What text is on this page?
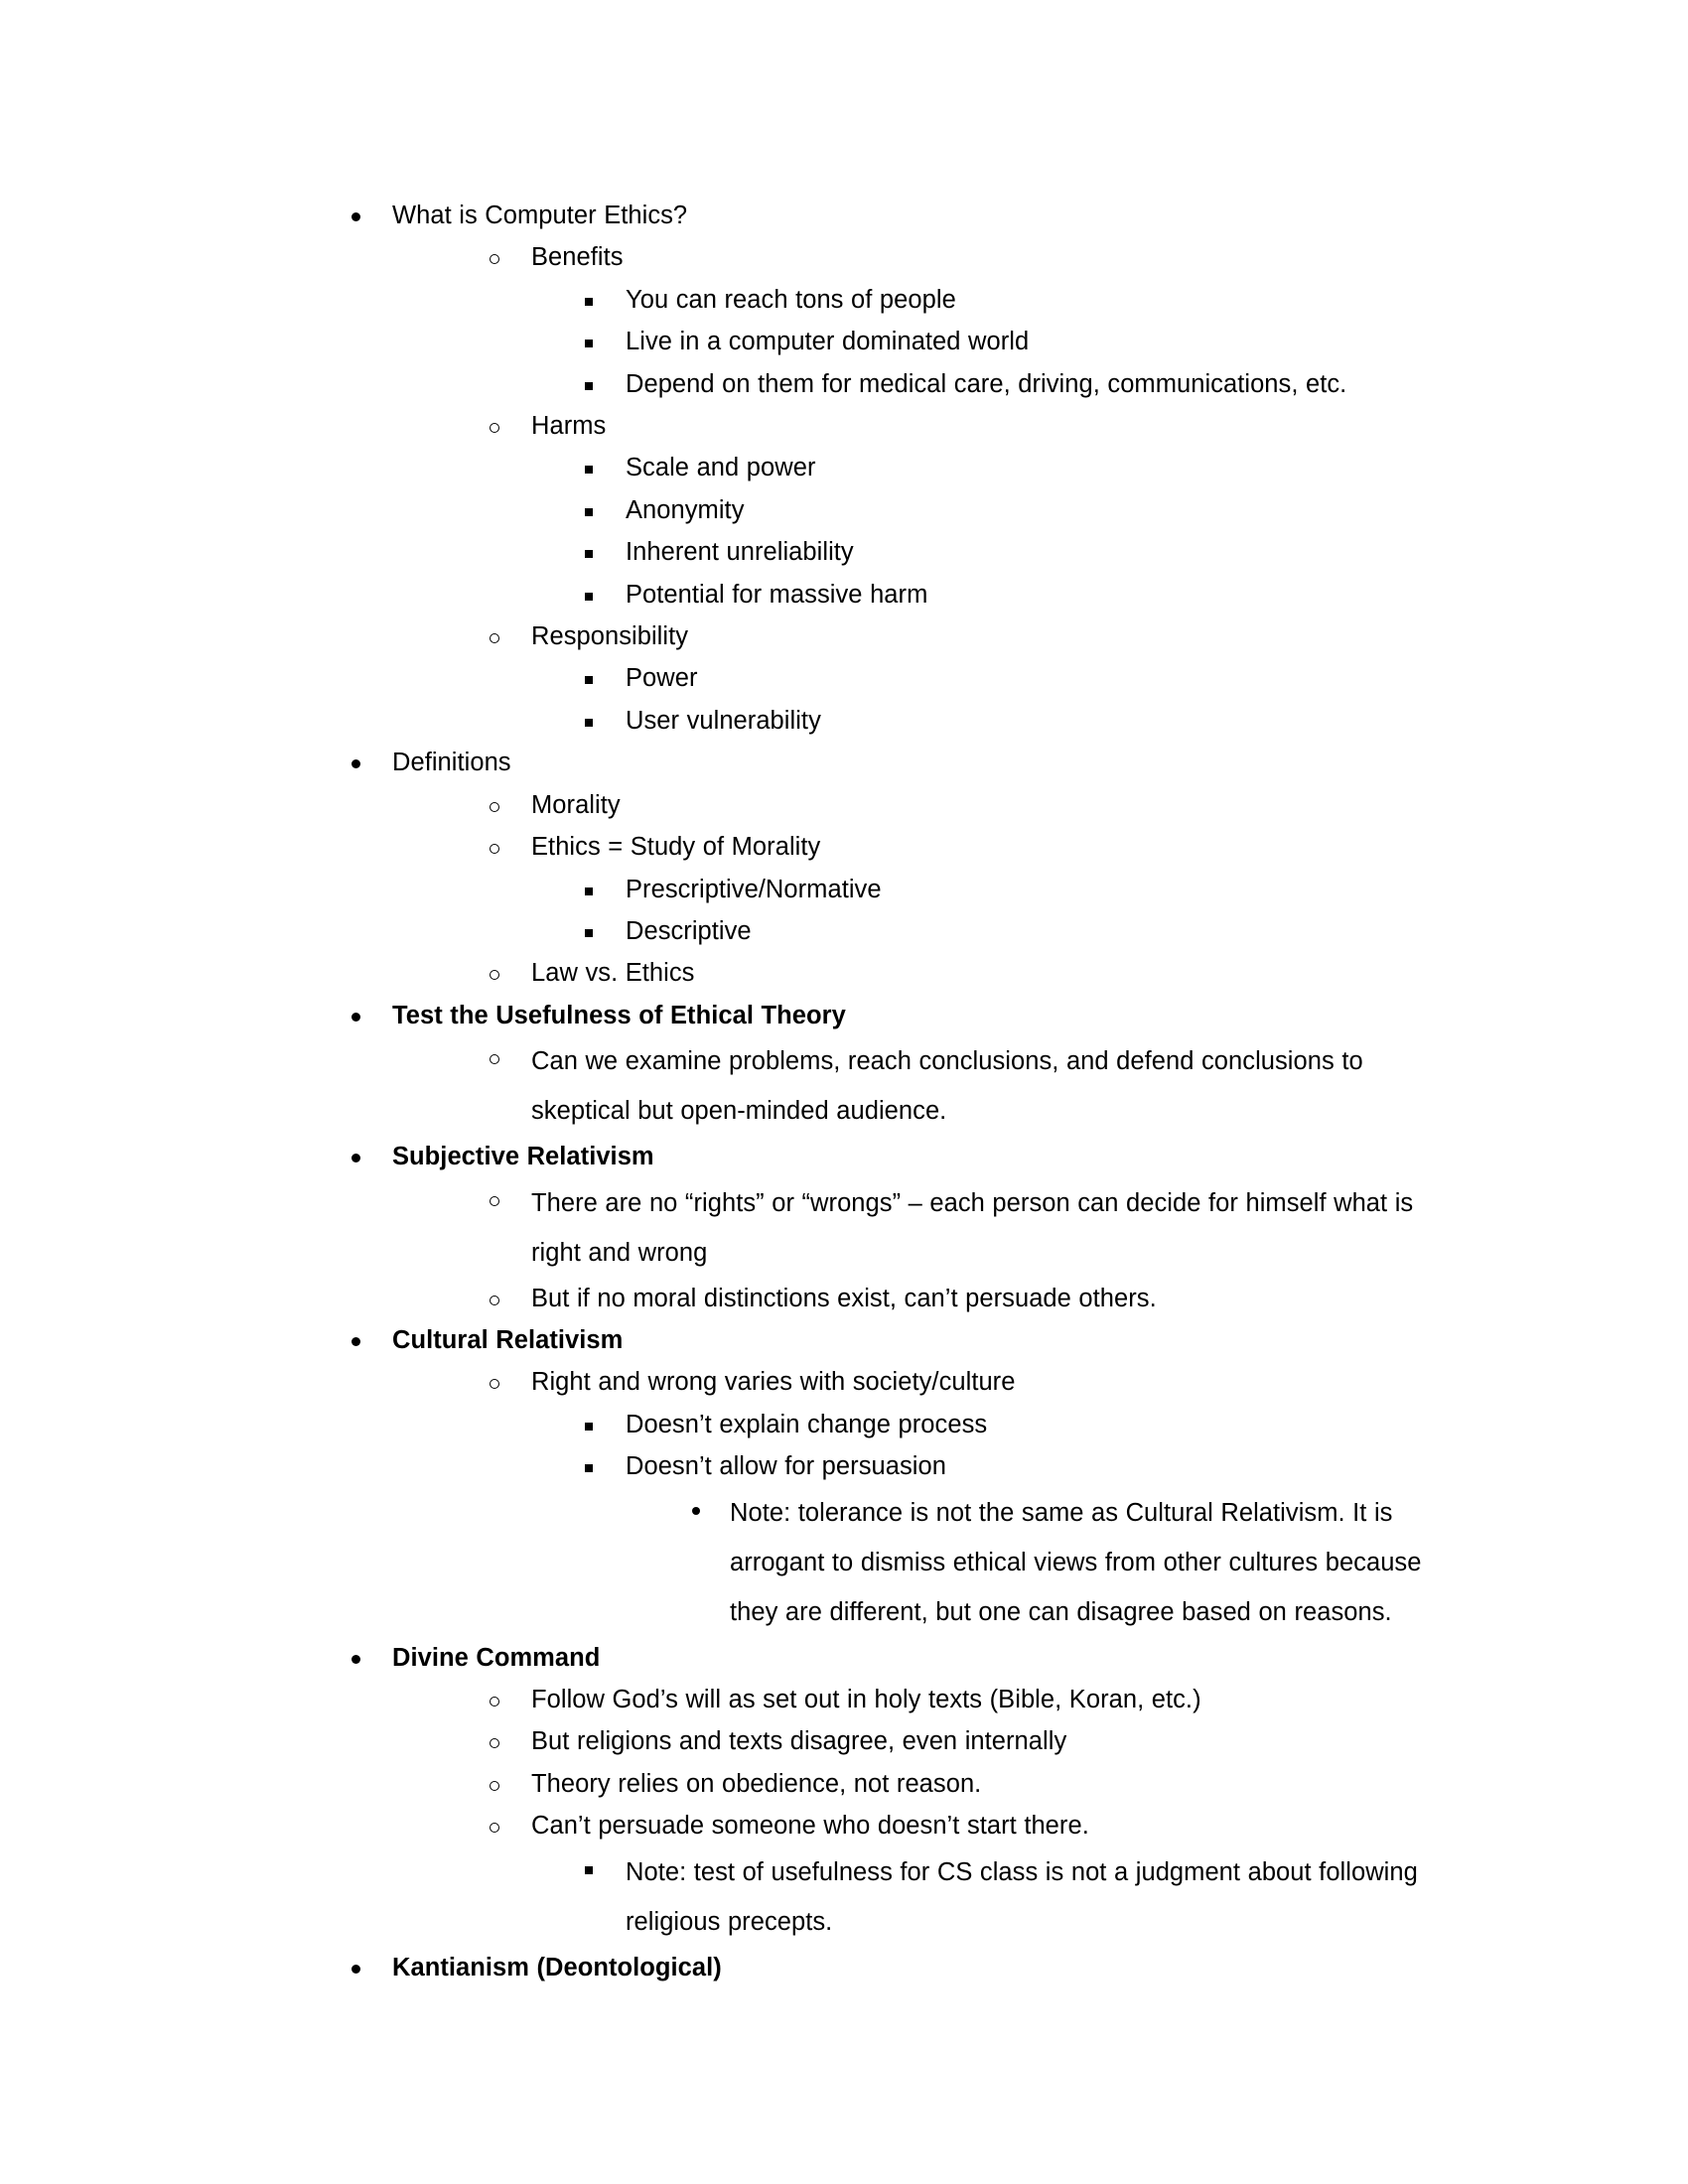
What is Computer Ethics?
Benefits
You can reach tons of people
Live in a computer dominated world
Depend on them for medical care, driving, communications, etc.
Harms
Scale and power
Anonymity
Inherent unreliability
Potential for massive harm
Responsibility
Power
User vulnerability
Definitions
Morality
Ethics = Study of Morality
Prescriptive/Normative
Descriptive
Law vs. Ethics
Test the Usefulness of Ethical Theory
Can we examine problems, reach conclusions, and defend conclusions to skeptical but open-minded audience.
Subjective Relativism
There are no “rights” or “wrongs” – each person can decide for himself what is right and wrong
But if no moral distinctions exist, can’t persuade others.
Cultural Relativism
Right and wrong varies with society/culture
Doesn’t explain change process
Doesn’t allow for persuasion
Note: tolerance is not the same as Cultural Relativism. It is arrogant to dismiss ethical views from other cultures because they are different, but one can disagree based on reasons.
Divine Command
Follow God’s will as set out in holy texts (Bible, Koran, etc.)
But religions and texts disagree, even internally
Theory relies on obedience, not reason.
Can’t persuade someone who doesn’t start there.
Note: test of usefulness for CS class is not a judgment about following religious precepts.
Kantianism (Deontological)
